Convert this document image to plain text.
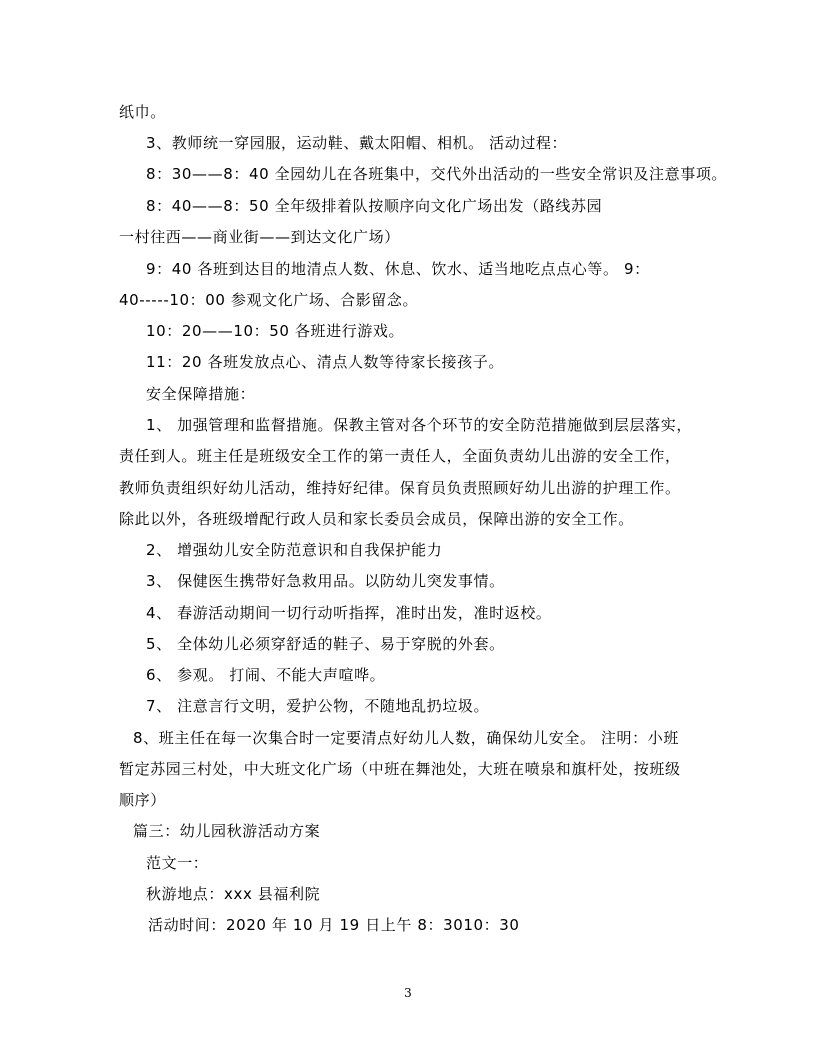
纸巾。
3、教师统一穿园服，运动鞋、戴太阳帽、相机。 活动过程：
8：30——8：40 全园幼儿在各班集中，交代外出活动的一些安全常识及注意事项。
8：40——8：50 全年级排着队按顺序向文化广场出发（路线苏园
一村往西——商业街——到达文化广场）
9：40 各班到达目的地清点人数、休息、饮水、适当地吃点点心等。 9：
40-----10：00 参观文化广场、合影留念。
10：20——10：50 各班进行游戏。
11：20 各班发放点心、清点人数等待家长接孩子。
安全保障措施：
1、 加强管理和监督措施。保教主管对各个环节的安全防范措施做到层层落实，
责任到人。班主任是班级安全工作的第一责任人，全面负责幼儿出游的安全工作，
教师负责组织好幼儿活动，维持好纪律。保育员负责照顾好幼儿出游的护理工作。
除此以外，各班级增配行政人员和家长委员会成员，保障出游的安全工作。
2、 增强幼儿安全防范意识和自我保护能力
3、 保健医生携带好急救用品。以防幼儿突发事情。
4、 春游活动期间一切行动听指挥，准时出发，准时返校。
5、 全体幼儿必须穿舒适的鞋子、易于穿脱的外套。
6、 参观。 打闹、不能大声喧哗。
7、 注意言行文明，爱护公物，不随地乱扔垃圾。
8、班主任在每一次集合时一定要清点好幼儿人数，确保幼儿安全。 注明：小班
暂定苏园三村处，中大班文化广场（中班在舞池处，大班在喷泉和旗杆处，按班级
顺序）
篇三：幼儿园秋游活动方案
范文一：
秋游地点：xxx 县福利院
活动时间：2020 年 10 月 19 日上午 8：3010：30
3
